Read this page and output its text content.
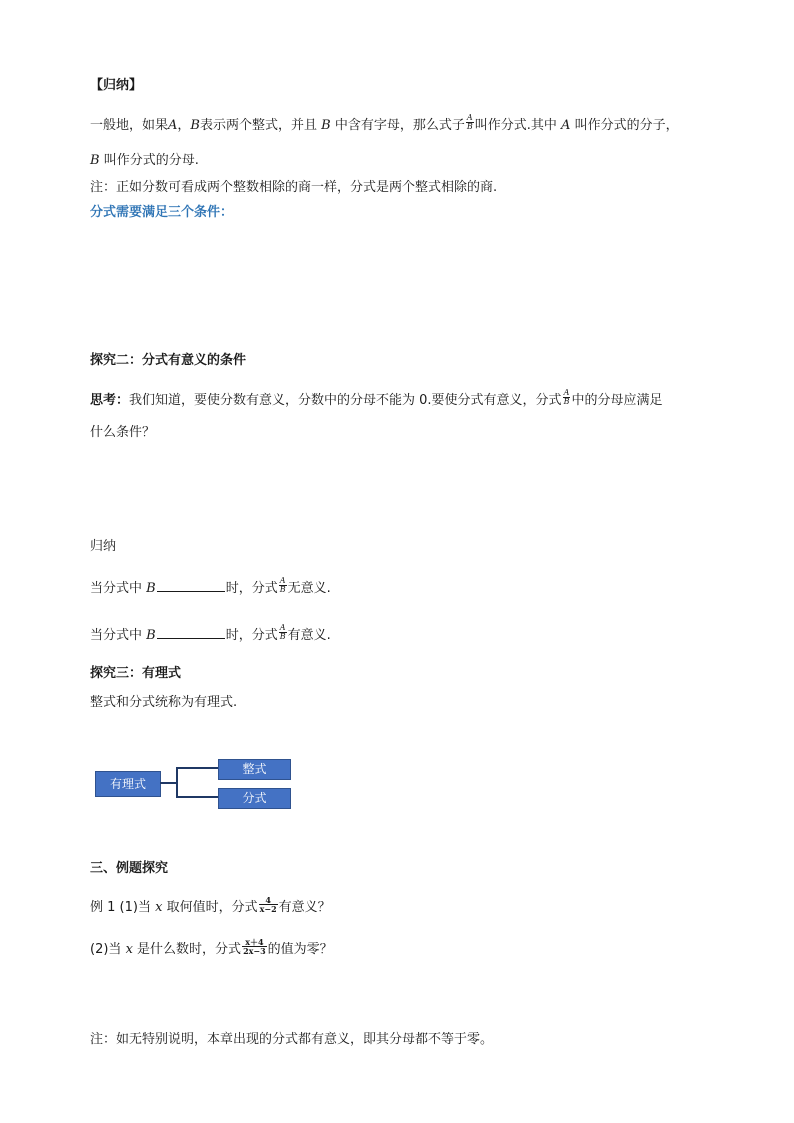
【归纳】
一般地，如果A，B表示两个整式，并且 B 中含有字母，那么式子 $\frac{A}{B}$ 叫作分式.其中 A 叫作分式的分子，
B 叫作分式的分母.
注：正如分数可看成两个整数相除的商一样，分式是两个整式相除的商.
分式需要满足三个条件：
探究二：分式有意义的条件
思考：我们知道，要使分数有意义，分数中的分母不能为 0.要使分式有意义，分式 $\frac{A}{B}$ 中的分母应满足
什么条件？
归纳
当分式中 B	时，分式 $\frac{A}{B}$ 无意义.
当分式中 B	时，分式 $\frac{A}{B}$ 有意义.
探究三：有理式
整式和分式统称为有理式.
有理式
整式
分式
三、例题探究
例 1 (1)当 x 取何值时，分式 $\frac{4}{x-2}$ 有意义？
(2)当 x 是什么数时，分式 $\frac{x+4}{2x-3}$ 的值为零？
注：如无特别说明，本章出现的分式都有意义，即其分母都不等于零。
